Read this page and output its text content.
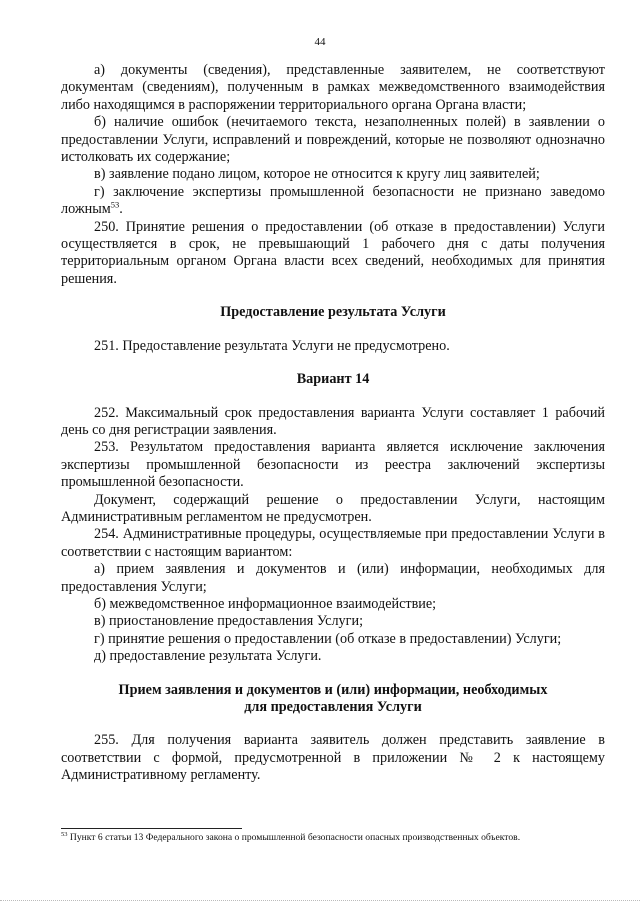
44

а) документы (сведения), представленные заявителем, не соответствуют документам (сведениям), полученным в рамках межведомственного взаимодействия либо находящимся в распоряжении территориального органа Органа власти;

б) наличие ошибок (нечитаемого текста, незаполненных полей) в заявлении о предоставлении Услуги, исправлений и повреждений, которые не позволяют однозначно истолковать их содержание;

в) заявление подано лицом, которое не относится к кругу лиц заявителей;

г) заключение экспертизы промышленной безопасности не признано заведомо ложным$^{53}$.

250. Принятие решения о предоставлении (об отказе в предоставлении) Услуги осуществляется в срок, не превышающий 1 рабочего дня с даты получения территориальным органом Органа власти всех сведений, необходимых для принятия решения.

Предоставление результата Услуги

251. Предоставление результата Услуги не предусмотрено.

Вариант 14

252. Максимальный срок предоставления варианта Услуги составляет 1 рабочий день со дня регистрации заявления.

253. Результатом предоставления варианта является исключение заключения экспертизы промышленной безопасности из реестра заключений экспертизы промышленной безопасности.

Документ, содержащий решение о предоставлении Услуги, настоящим Административным регламентом не предусмотрен.

254. Административные процедуры, осуществляемые при предоставлении Услуги в соответствии с настоящим вариантом:

а) прием заявления и документов и (или) информации, необходимых для предоставления Услуги;

б) межведомственное информационное взаимодействие;

в) приостановление предоставления Услуги;

г) принятие решения о предоставлении (об отказе в предоставлении) Услуги;

д) предоставление результата Услуги.

Прием заявления и документов и (или) информации, необходимых
для предоставления Услуги

255. Для получения варианта заявитель должен представить заявление в соответствии с формой, предусмотренной в приложении № 2 к настоящему Административному регламенту.

$^{53}$ Пункт 6 статьи 13 Федерального закона о промышленной безопасности опасных производственных объектов.
